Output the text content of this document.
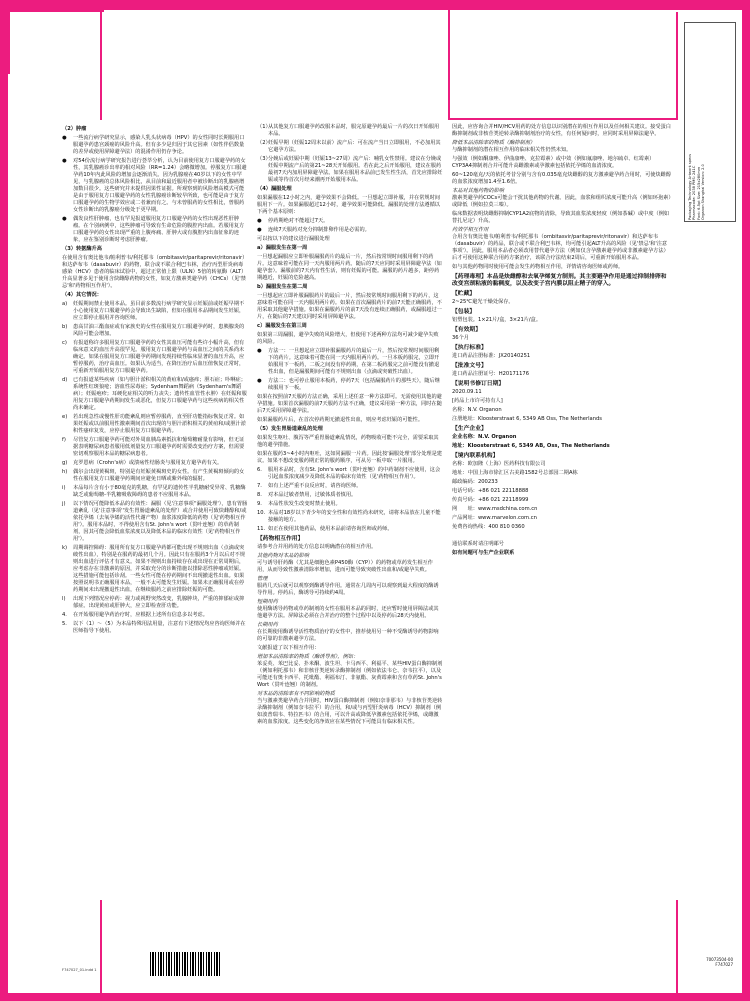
Packaging Technology Artwork specs Pharmacode: 2038 PMS: 241C Font: 6.5pt Size: 215x280mm Organon Shanghai Version: 2.0
（2）肿瘤
● 一些流行病学研究显示，感染人乳头状病毒（HPV）的女性同时长期服用口服避孕药患宫颈癌的风险升高。但有多少是归因于其它因素（如性伴侣数量的差异或使用屏障避孕法）的混淆作用仍存争论。
● 对54份流行病学研究报告进行荟萃分析，认为目前使用复方口服避孕药的女性，其乳腺癌诊出率的相对风险（RR=1.24）会略微增加。停服复方口服避孕药10年内此风险的增加会逐渐消失。因为乳腺癌在40岁以下的女性中罕见，与乳腺癌的总体风险相比，从目前和最近服用者中被诊断出的乳腺癌增加数目很少。这些研究并未提供因果性证据。所观察到的风险增高模式可能是由于服用复方口服避孕药的女性乳腺癌诊断较早所致，也可能是由于复方口服避孕药的生物学效应或二者兼而有之。与未曾服药的女性相比，曾服药女性诊断出的乳腺癌分级处于更早期。
● 偶发良性肝肿瘤，也有罕见报道服用复方口服避孕药的女性出现恶性肝肿瘤。在个别病例中，这些肿瘤可导致有生命危险的腹腔内出血。若服用复方口服避孕药的女性出现严重的上腹疼痛、肝肿大或有腹腔内出血征象的迹象，应在鉴别诊断时考虑肝肿瘤。
（3）转氨酶升高
在使用含有奥比他韦/帕利普韦/利托那韦（ombitasvir/paritaprevir/ritonavir）和达萨布韦（dasabuvir）的药物，联合或不联合利巴韦林，治疗丙型肝炎病毒感染（HCV）患者的临床试验中，超过正常值上限（ULN）5倍的转氨酶（ALT）升高显著多见于使用含炔雌醇药物的女性，如复方激素类避孕药（CHCs）（见'禁忌'和'药物相互作用'）。
（4）其它情况：
a) 妊娠期间禁止使用本品。虽目前多数流行病学研究显示妊娠前或妊娠早期不小心使用复方口服避孕药会导致出生缺陷，但如在服用本品期间发生妊娠，应立即停止服用并咨询医师。
b) 患高甘油三酯血症或有家族史的女性在服用复方口服避孕药时，患胰腺炎的风险可能会增加。
c) 有报道称许多服用复方口服避孕药的女性其血压可能有些许小幅升高，但有临床意义的血压升高很罕见。服用复方口服避孕药与高血压之间的关系尚未确定。如果在服用复方口服避孕药期间发现持续性临床显著的血压升高，应暂停服药，治疗高血压。如果认为适当，在降压治疗后血压值恢复正常时，可重新开始服用复方口服避孕药。
d) 已有报道某些疾病（如与胆汁淤积相关的黄疸和/或瘙痒；胆石症；卟啉症；系统性红斑狼疮；溶血性尿毒症；Sydenham舞蹈病（Sydenham's舞蹈病）；妊娠疱疹；耳硬化症相关的听力丧失；遗传性血管性水肿）在妊娠和服用复方口服避孕药期间发生或恶化，但复方口服避孕药与这些疾病的相关性尚未确定。
e) 若出现急性或慢性肝功能紊乱则应暂停服药，直至肝功能指标恢复正常。如果妊娠或以前服用性激素期间首次出现的与胆汁淤积相关的黄疸和/或胆汁淤积性瘙痒复发，应停止服用复方口服避孕药。
f) 尽管复方口服避孕药可能对外周血胰岛素抵抗和葡萄糖耐量有影响，但无证据表明糖尿病患者服用低剂量复方口服避孕药时需要改变治疗方案，但需要密切观察服用本品的糖尿病患者。
g) 克罗恩病（Crohn's病）或溃疡性结肠炎与服用复方避孕药有关。
h) 偶尔会出现黄褐斑，特别是有妊娠黄褐斑史的女性。有产生黄褐斑倾向的女性在服用复方口服避孕药期间应避免日晒或紫外线的辐射。
i) 本品每片含有小于80毫克的乳糖，有罕见的遗传性半乳糖耐受异常、乳糖酶缺乏或葡萄糖-半乳糖吸收障碍的患者不应服用本品。
j) 以下情况可能降低本品的有效性：漏服（见'注意事项''漏服处理'），患有胃肠道紊乱（见'注意事项''发生胃肠道紊乱的处理'）或合并使用可致炔雌醇和/或依托孕烯（去氧孕烯的活性代谢产物）血浆浓度降低的药物（见'药物相互作用'）。服用本品时，不得使用含有St. John's wort（贯叶连翘）的草药制剂，因其可能会降低血浆浓度以及降低本品的临床有效性（见'药物相互作用'）。
k) 周期调控障碍：服用所有复方口服避孕药都可能出现不规则出血（点滴或突破性出血），特别是在服药的最初几个月。因此只有在服药3个月以后对不规则出血进行评估才有意义。如果不规则出血持续存在或出现在正常周期后，应考虑存在非激素的原因，并采取充分的诊断措施以排除恶性肿瘤或妊娠。这些措施可能包括诊刮。一些女性可能在停药期间不出现撤退性出血。如果按照说明书正确服用本品，一般不太可能发生妊娠。如果未正确服用或在停药期间未出现撤退性出血，在继续服药之前应排除妊娠的可能。
l) 出现下列情况应停药：视力或视野突然改变，乳腺肿块，严重的抑郁症或抑郁症。出现黄疸或肝肿大，应立即检查肝功能。
4. 在开始服用避孕药治疗时，应根据上述所有信息多以考虑。
5. 以下（1）～（5）为本品特殊用法用量，注意有下述情况均应咨询医师并在医师指导下使用。
（1）
从其他复方口服避孕药改服本品时，服完原避孕药最后一片的次日开始服用本品。
（2）
妊娠早期（妊娠12周末以前）流产后：可在流产当日立即服用，不必加用其它避孕方法。
（3）
分娩后或妊娠中期（妊娠13~27周）流产后：哺乳女性禁用。建议在分娩或妊娠中期流产后的第21~28天开始服用。若在此之后开始服用，建议在服药最初7天内加用屏障避孕法。如果在服用本品前已发生性生活，首先应排除妊娠或等待首次月经来潮再开始服用本品。
（4）漏服处理
如果漏服在12小时之内，避孕效果不会降低。一旦想起立即补服，并在常规时间服用下一片。如果漏服超过12小时，避孕效果可能降低。漏服的处理方法遵循以下两个基本原则：
● 停药期绝对不能超过7天。
● 连续7天服药对充分抑制排卵作用是必需的。
可以按以下的建议进行漏服处理
a）漏服发生在第一周
一旦想起漏服应立即补服漏服药片的最后一片，然后按常规时间服用剩下的药片。这意味着可能在同一天内服用两片药。随后的7天应同时采用屏障避孕法（如避孕套）。漏服前的7天内有性生活，则有妊娠的可能。漏服的药片越多，距停药期越近，妊娠的危险越高。
b）漏服发生在第二周
一旦想起应立即补服漏服药片的最后一片，然后按常规时间服用剩下的药片，这意味着可能在同一天内服用两片药。如果在首次漏服药片的前7天能正确服药，不用采取其他避孕措施。如果在漏服药片的前7天没有连续正确服药，或漏服超过一片，在随后的7天建议同时采用屏障避孕法。
c）漏服发生在第三周
如果第三周漏服，避孕失败的风险增大，但使用下述两种方法均可减少避孕失败的风险。
● 方法一：一旦想起应立即补服漏服药片的最后一片，然后按常规时间服用剩下的药片。这意味着可能在同一天内服用两片药。一旦本板药服完，立即开始服用下一板药，二板之间没有停药期，在第二板药服完之前可能没有撤退性出血，但是漏服期间可能有不规则出血（点滴或突破性出血）。
● 方法二：也可停止服用本板药，停药7天（包括漏服药片的那些天），随后继续服用下一板。
如果在按照前7天服药方法正确，采用上述任意一种方法即可。无需使用其他的避孕措施。如果首次漏服的前7天服药方法不正确，建议采用第一种方法，同时在随后7天采用屏障避孕法。
如果漏服药片后，在首次停药期无撤退性出血，则应考虑妊娠的可能性。
（5）发生胃肠道紊乱的处理
如果发生呕吐、腹泻等严重胃肠道紊乱情况，药物吸收可能不完全，需要采取其他的避孕措施。
如果在服药3~4小时内呕吐，这如同漏服一片药。因此按'漏服处理'部分处理是建议。如果不想改变服药期正常的服药顺序，可从另一板中取一片服用。
6. 服用本品时，含有St. John's wort（贯叶连翘）的中药制剂不应使用，这会引起血浆浓度减少及降低本品的临床有效性（见'药物相互作用'）。
7. 如有上述严重不良反应时，请咨询医师。
8. 对本品过敏者禁用，过敏体质者慎用。
9. 本品性状发生改变时禁止使用。
10. 本品对18岁以下青少年的安全性和有效性尚未研究，请将本品放在儿童不能接触的地方。
11. 如正在使用其他药品，使用本品前请咨询医师或药师。
【药物相互作用】
请参考合并用药的处方信息以明确潜在的相互作用。
其他药物对本品的影响
可与诱导肝药酶（尤其是细胞色素P450酶（CYP））的药物或草药发生相互作用，从而导致性激素清除率增加，进而可能导致突破性出血和/或避孕失败。
管理
服药几天后就可以观察到酶诱导作用。通常在几周内可以观察到最大程度的酶诱导作用。停药后，酶诱导可持续约4周。
短期用药
使用酶诱导药物或草药制剂的女性在服用本品的同时，还应暂时使用屏障法或其他避孕方法。屏障法必须在合并治疗的整个过程中以及停药后28天内使用。
长期用药
在长期使用酶诱导活性物质治疗的女性中，推荐使用另一种不受酶诱导药物影响的可靠的非激素避孕方法。
文献报道了以下相互作用：
增加本品清除率的物质（酶诱导剂），例如：
苯妥英、苯巴比妥、扑米酮、波生坦、卡马西平、利福平、某些HIV蛋白酶抑制剂（例如利托那韦）和非核苷类逆转录酶抑制剂（例如依法韦仑、奈韦拉平），以及可能还有奥卡西平、托吡酯、利福布汀、非氨酯、灰黄霉素和含有草药St. John's Wort（贯叶连翘）的制剂。
对本品的清除率有不同影响的物质
当与激素类避孕药合并用时，HIV蛋白酶抑制剂（例如奈菲那韦）与非核苷类逆转录酶抑制剂（例如奈韦拉平）的合用，和/或与丙型肝炎病毒（HCV）抑制剂（例如波普瑞韦、特拉匹韦）的合用，可以升高或降低孕激素包括依托孕烯，或雌激素的血浆浓度。这些变化的净效应在某些情况下可能具有临床相关性。
因此，应咨询合并HIV/HCV用药的处方信息以识别潜在的相互作用以及任何相关建议。接受蛋白酶抑制剂或非核苷类逆转录酶抑制剂治疗的女性，有任何疑问时，应同时采用屏障法避孕。
降低本品清除率的物质（酶抑制剂）
与酶抑制剂的潜在相互作用的临床相关性仍然未知。
与强效（例如酮康唑、伊曲康唑、克拉霉素）或中效（例如氟康唑、地尔硫卓、红霉素）CYP3A4抑制剂合并可能升高雌激素或孕激素包括依托孕烯的血清浓度。
60~120毫克/天的依托考昔分别与含有0.035毫克炔雌醇的复方激素避孕药合用时，可使炔雌醇的血浆浓度增加1.4至1.6倍。
本品对其他药物的影响
激素类避孕药COCs可能会干扰其他药物的代谢。因此，血浆和组织浓度可能升高（例如环孢素）或降低（例如拉莫三嗪）。
临床数据表明炔雌醇抑制CYP1A2底物的清除，导致其血浆浓度轻度（例如茶碱）或中度（例如替扎尼定）升高。
药效学相互作用
合用含有奥比他韦/帕利普韦/利托那韦（ombitasvir/paritaprevir/ritonavir）和达萨布韦（dasabuvir）的药品，联合或不联合利巴韦林，均可能引起ALT升高的风险（见'禁忌'和'注意事项'）。因此，服用本品者必须改用替代避孕方法（例如仅含孕激素避孕药或非激素避孕方法）后才可使用这种联合用药方案治疗，该联合疗法结束2周后，可重新开始服用本品。
如与其他药物同时使用可能会发生药物相互作用，详情请咨询医师或药师。
【药理毒理】本品是炔雌醇和去氧孕烯复方制剂。其主要避孕作用是通过抑制排卵和改变宫颈粘液的黏稠度，以及改变子宫内膜以阻止精子的穿入。
【贮藏】
2~25℃避光干燥处保存。
【包装】
铝塑包装。1×21片/盒，3×21片/盒。
【有效期】
36个月
【执行标准】
进口药品注册标准：JX20140251
【批准文号】
进口药品注册证号：H20171176
【说明书修订日期】
2020.09.11
[药品上市许可持有人]
名称：N.V. Organon
注册地址：Kloosterstraat 6, 5349 AB Oss, The Netherlands
【生产企业】
企业名称：N.V. Organon
地址：Kloosterstraat 6, 5349 AB, Oss, The Netherlands
【境内联系机构】
名称：欧加隆（上海）医药科技有限公司
地址：中国上海市徐汇区古美路1582号总部园二期A栋
邮政编码：200233
电话号码：+86 021 22118888
传真号码：+86 021 22118999
网　　址：www.msdchina.com.cn
产品网址：www.marvelon.com.cn
免费咨询热线：400 810 0360
通信联系时请注明邮号
如有问题可与生产企业联系
70073504-00
F747027
F747027_01.indd 1
